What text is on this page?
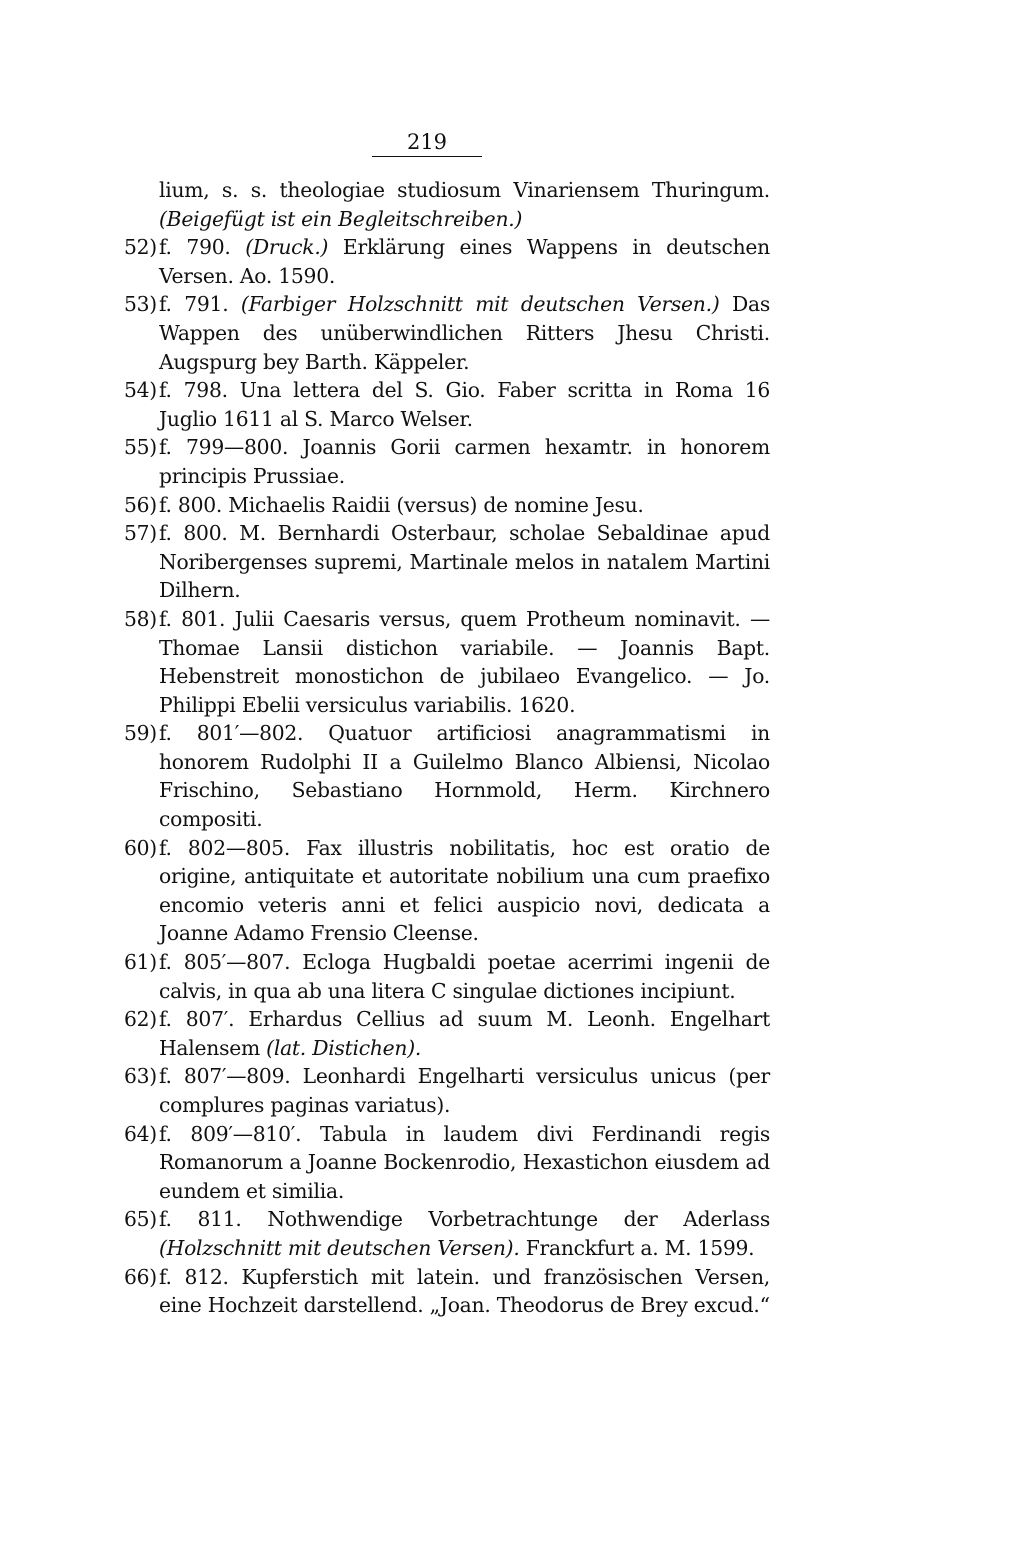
219

lium, s. s. theologiae studiosum Vinariensem Thuringum. (Beigefügt ist ein Begleitschreiben.)

52) f. 790. (Druck.) Erklärung eines Wappens in deutschen Versen. Ao. 1590.

53) f. 791. (Farbiger Holzschnitt mit deutschen Versen.) Das Wappen des unüberwindlichen Ritters Jhesu Christi. Augspurg bey Barth. Käppeler.

54) f. 798. Una lettera del S. Gio. Faber scritta in Roma 16 Juglio 1611 al S. Marco Welser.

55) f. 799—800. Joannis Gorii carmen hexamtr. in honorem principis Prussiae.

56) f. 800. Michaelis Raidii (versus) de nomine Jesu.

57) f. 800. M. Bernhardi Osterbaur, scholae Sebaldinae apud Noribergenses supremi, Martinale melos in natalem Martini Dilhern.

58) f. 801. Julii Caesaris versus, quem Protheum nominavit. — Thomae Lansii distichon variabile. — Joannis Bapt. Hebenstreit monostichon de jubilaeo Evangelico. — Jo. Philippi Ebelii versiculus variabilis. 1620.

59) f. 801′—802. Quatuor artificiosi anagrammatismi in honorem Rudolphi II a Guilelmo Blanco Albiensi, Nicolao Frischino, Sebastiano Hornmold, Herm. Kirchnero compositi.

60) f. 802—805. Fax illustris nobilitatis, hoc est oratio de origine, antiquitate et autoritate nobilium una cum praefixo encomio veteris anni et felici auspicio novi, dedicata a Joanne Adamo Frensio Cleense.

61) f. 805′—807. Ecloga Hugbaldi poetae acerrimi ingenii de calvis, in qua ab una litera C singulae dictiones incipiunt.

62) f. 807′. Erhardus Cellius ad suum M. Leonh. Engelhart Halensem (lat. Distichen).

63) f. 807′—809. Leonhardi Engelharti versiculus unicus (per complures paginas variatus).

64) f. 809′—810′. Tabula in laudem divi Ferdinandi regis Romanorum a Joanne Bockenrodio, Hexastichon eiusdem ad eundem et similia.

65) f. 811. Nothwendige Vorbetrachtunge der Aderlass (Holzschnitt mit deutschen Versen). Franckfurt a. M. 1599.

66) f. 812. Kupferstich mit latein. und französischen Versen, eine Hochzeit darstellend. „Joan. Theodorus de Brey excud.“
